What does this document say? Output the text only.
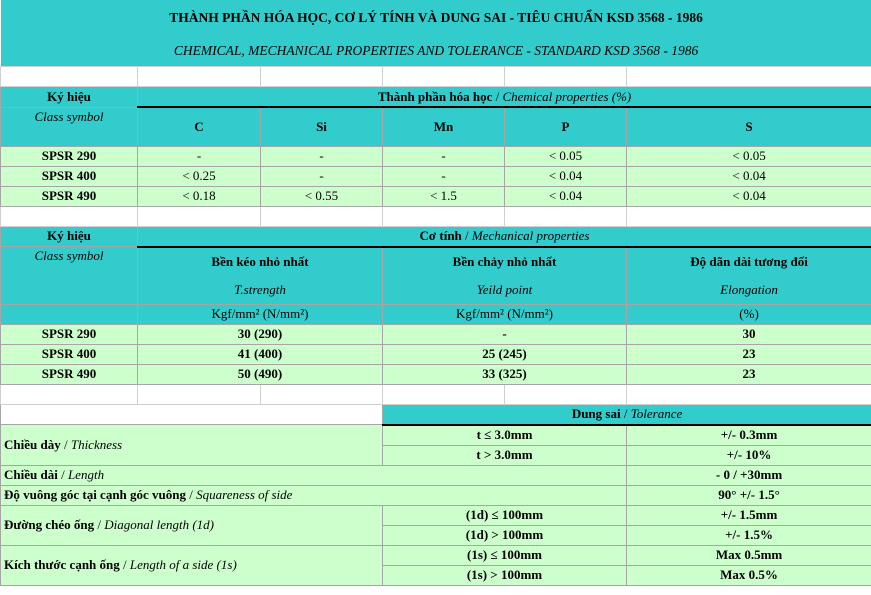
THÀNH PHẦN HÓA HỌC, CƠ LÝ TÍNH VÀ DUNG SAI - TIÊU CHUẨN KSD 3568 - 1986					
CHEMICAL, MECHANICAL PROPERTIES AND TOLERANCE - STANDARD KSD 3568 - 1986					

Ký hiệu	Thành phần hóa học / Chemical properties (%)				
Class symbol	C	Si	Mn	P	S
SPSR 290	-	-	-	< 0.05	< 0.05
SPSR 400	< 0.25	-	-	< 0.04	< 0.04
SPSR 490	< 0.18	< 0.55	< 1.5	< 0.04	< 0.04

Ký hiệu	Cơ tính / Mechanical properties				
Class symbol	Bền kéo nhỏ nhất		Bền chảy nhỏ nhất		Độ dãn dài tương đối
	T.strength		Yeild point		Elongation
	Kgf/mm² (N/mm²)		Kgf/mm² (N/mm²)		(%)
SPSR 290	30 (290)		-		30
SPSR 400	41 (400)		25 (245)		23
SPSR 490	50 (490)		33 (325)		23

			Dung sai / Tolerance		
Chiều dày / Thickness			t ≤ 3.0mm		+/- 0.3mm
			t > 3.0mm		+/- 10%
Chiều dài / Length					- 0 / +30mm
Độ vuông góc tại cạnh góc vuông / Squareness of side					90° +/- 1.5°
Đường chéo ống / Diagonal length (1d)			(1d) ≤ 100mm		+/- 1.5mm
			(1d) > 100mm		+/- 1.5%
Kích thước cạnh ống / Length of a side (1s)			(1s) ≤ 100mm		Max 0.5mm
			(1s) > 100mm		Max 0.5%
